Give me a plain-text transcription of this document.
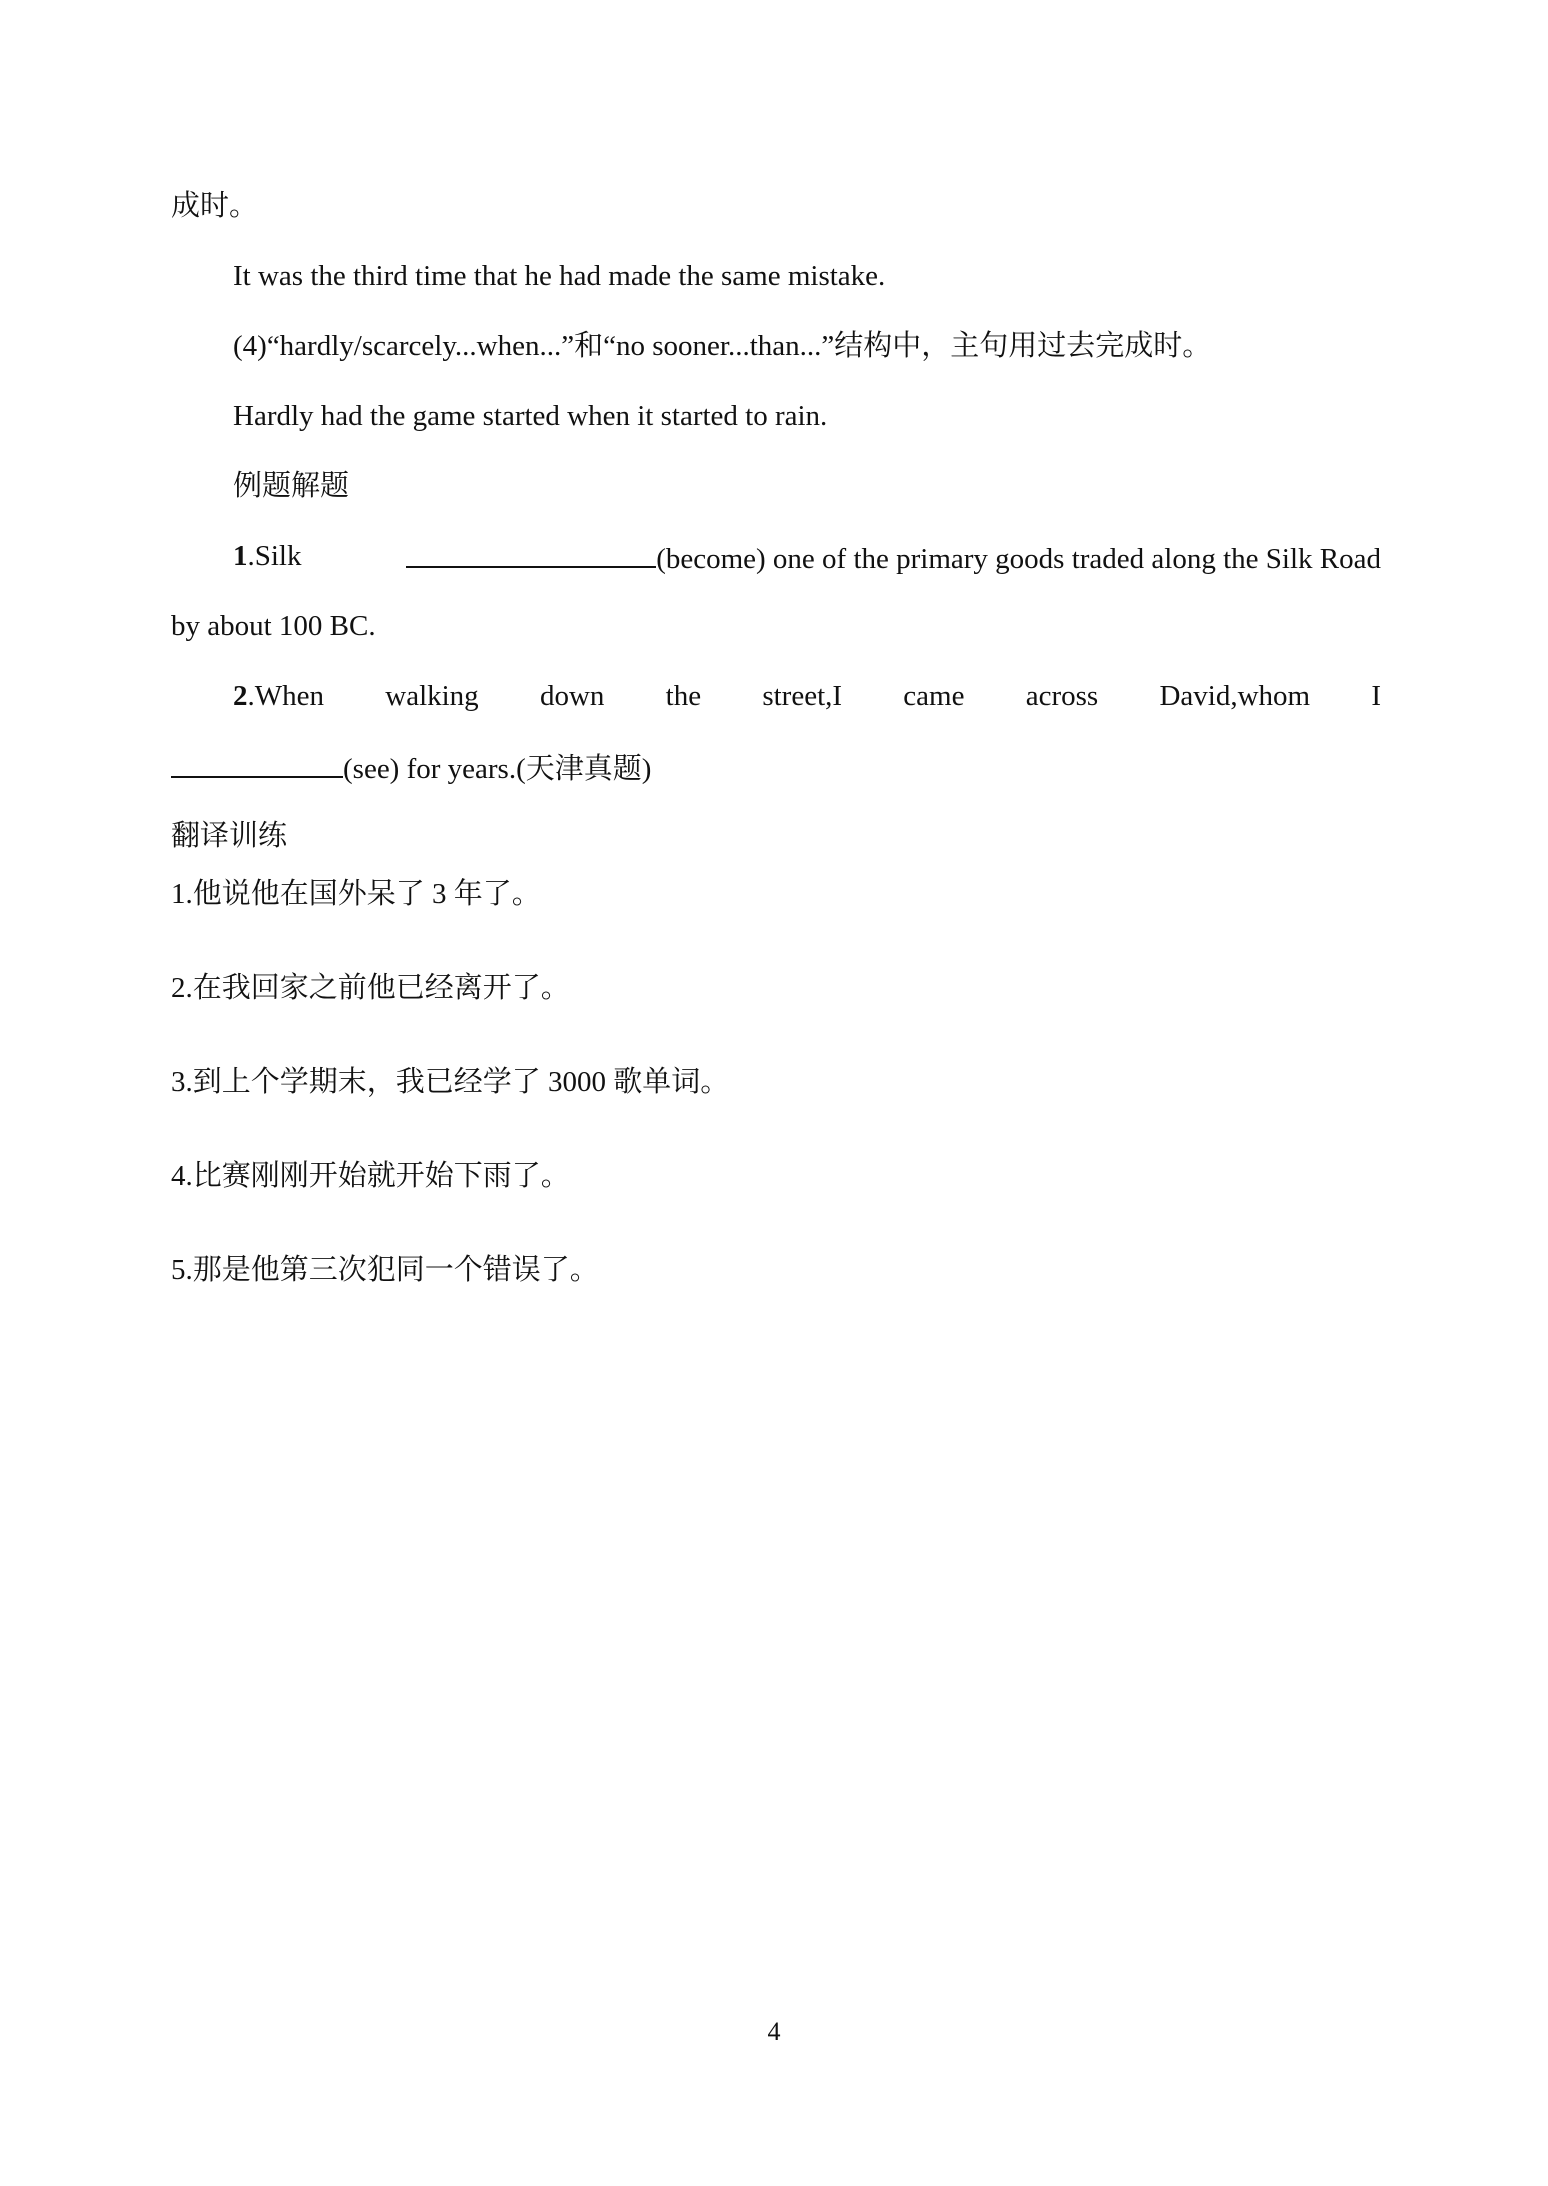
成时。
It was the third time that he had made the same mistake.
(4)“hardly/scarcely...when...”和“no sooner...than...”结构中，主句用过去完成时。
Hardly had the game started when it started to rain.
例题解题
1.Silk	(become) one of the primary goods traded along the Silk Road
by about 100 BC.
2.When walking down the street,I came across David,whom I
(see) for years.(天津真题)
翻译训练
1.他说他在国外呆了 3 年了。
2.在我回家之前他已经离开了。
3.到上个学期末，我已经学了 3000 歌单词。
4.比赛刚刚开始就开始下雨了。
5.那是他第三次犯同一个错误了。
4
